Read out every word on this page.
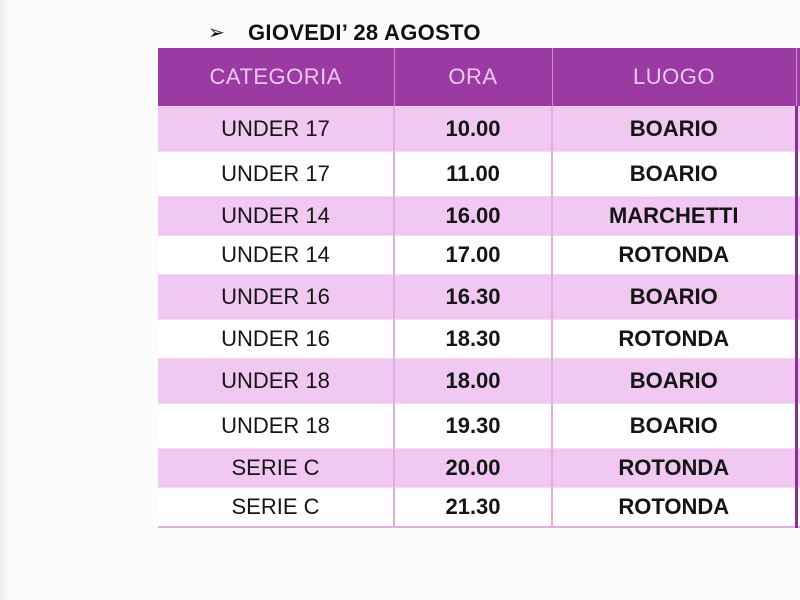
➢	GIOVEDI’ 28 AGOSTO
CATEGORIA	ORA	LUOGO	
UNDER 17	10.00	BOARIO	
UNDER 17	11.00	BOARIO	
UNDER 14	16.00	MARCHETTI	
UNDER 14	17.00	ROTONDA	
UNDER 16	16.30	BOARIO	
UNDER 16	18.30	ROTONDA	
UNDER 18	18.00	BOARIO	
UNDER 18	19.30	BOARIO	
SERIE C	20.00	ROTONDA	
SERIE C	21.30	ROTONDA	
